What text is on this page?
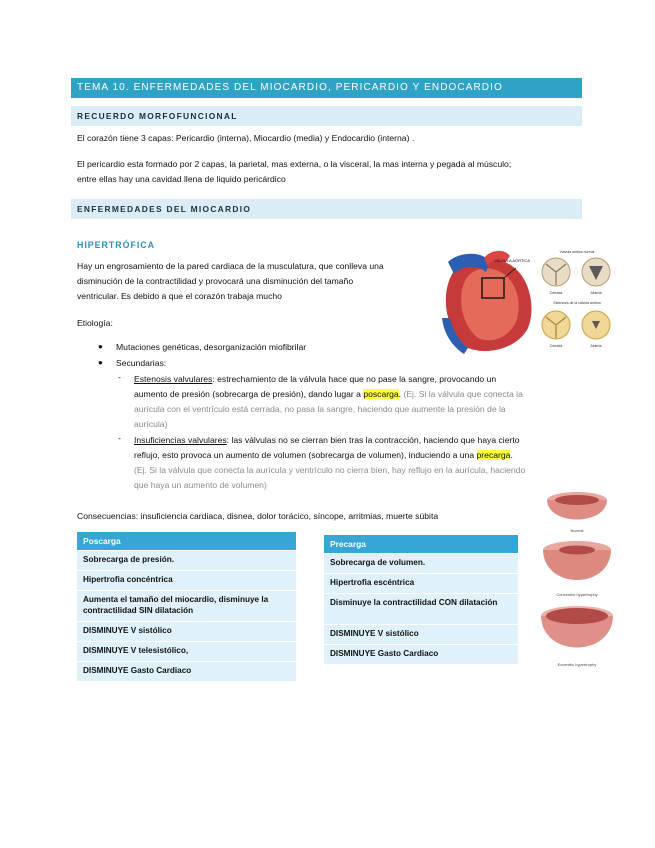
TEMA 10. ENFERMEDADES DEL MIOCARDIO, PERICARDIO Y ENDOCARDIO
RECUERDO MORFOFUNCIONAL
El corazón tiene 3 capas: Pericardio (interna), Miocardio (media) y Endocardio (interna) .
El pericardio esta formado por 2 capas, la parietal, mas externa, o la visceral, la mas interna y pegada al músculo;
entre ellas hay una cavidad llena de liquido pericárdico
ENFERMEDADES DEL MIOCARDIO
HIPERTRÓFICA
Hay un engrosamiento de la pared cardiaca de la musculatura, que conlleva una
disminución de la contractilidad y provocará una disminución del tamaño
ventricular. Es debido a que el corazón trabaja mucho
Etiología:
● Mutaciones genéticas, desorganización miofibrilar
● Secundarias:
- Estenosis valvulares: estrechamiento de la válvula hace que no pase la sangre, provocando un
aumento de presión (sobrecarga de presión), dando lugar a poscarga. (Ej. Si la válvula que conecta la
aurícula con el ventrículo está cerrada, no pasa la sangre, haciendo que aumente la presión de la
aurícula)
- Insuficiencias valvulares: las válvulas no se cierran bien tras la contracción, haciendo que haya cierto
reflujo, esto provoca un aumento de volumen (sobrecarga de volumen), induciendo a una precarga.
(Ej. Si la válvula que conecta la aurícula y ventrículo no cierra bien, hay reflujo en la aurícula, haciendo
que haya un aumento de volumen)
Consecuencias: insuficiencia cardiaca, disnea, dolor torácico, síncope, arritmias, muerte súbita
Poscarga
Sobrecarga de presión.
Hipertrofia concéntrica
Aumenta el tamaño del miocardio, disminuye la contractilidad SIN dilatación
DISMINUYE V sistólico
DISMINUYE V telesistólico,
DISMINUYE Gasto Cardiaco
Precarga
Sobrecarga de volumen.
Hipertrofia escéntrica
Disminuye la contractilidad CON dilatación
DISMINUYE V sistólico
DISMINUYE Gasto Cardiaco
VÁLVULA AÓRTICA
Válvula aórtica normal
Cerrada	Abierta
Estenosis de la válvula aórtica
Cerrada	Abierta
Normal
Concentric hypertrophy
Eccentric hypertrophy
